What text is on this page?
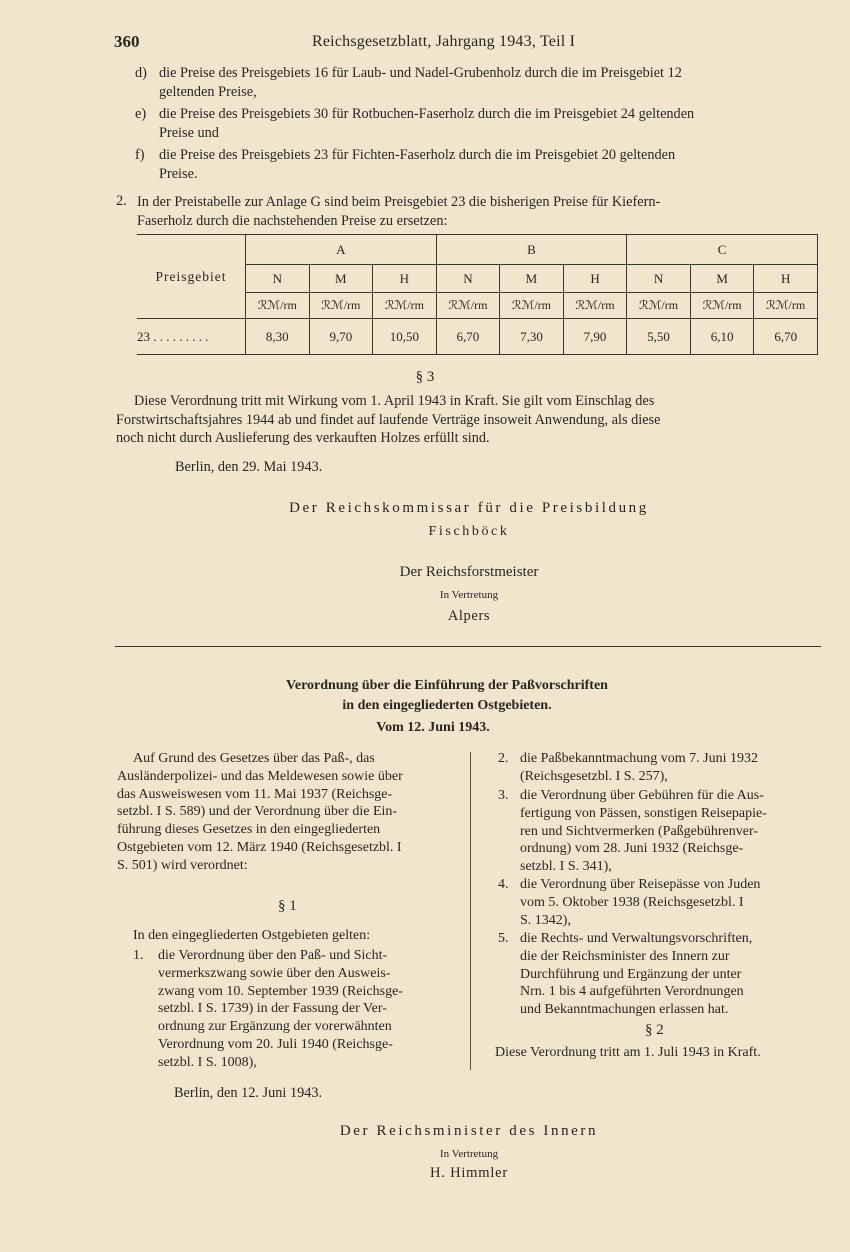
360	Reichsgesetzblatt, Jahrgang 1943, Teil I
d) die Preise des Preisgebiets 16 für Laub- und Nadel-Grubenholz durch die im Preisgebiet 12
geltenden Preise,
e) die Preise des Preisgebiets 30 für Rotbuchen-Faserholz durch die im Preisgebiet 24 geltenden
Preise und
f) die Preise des Preisgebiets 23 für Fichten-Faserholz durch die im Preisgebiet 20 geltenden
Preise.
2. In der Preistabelle zur Anlage G sind beim Preisgebiet 23 die bisherigen Preise für Kiefern-
Faserholz durch die nachstehenden Preise zu ersetzen:
Preisgebiet	A			B			C		
	N	M	H	N	M	H	N	M	H
	ℛℳ/rm	ℛℳ/rm	ℛℳ/rm	ℛℳ/rm	ℛℳ/rm	ℛℳ/rm	ℛℳ/rm	ℛℳ/rm	ℛℳ/rm
23 . . . . . . . . .	8,30	9,70	10,50	6,70	7,30	7,90	5,50	6,10	6,70
§ 3
Diese Verordnung tritt mit Wirkung vom 1. April 1943 in Kraft. Sie gilt vom Einschlag des
Forstwirtschaftsjahres 1944 ab und findet auf laufende Verträge insoweit Anwendung, als diese
noch nicht durch Auslieferung des verkauften Holzes erfüllt sind.
Berlin, den 29. Mai 1943.
Der Reichskommissar für die Preisbildung
Fischböck
Der Reichsforstmeister
In Vertretung
Alpers
Verordnung über die Einführung der Paßvorschriften
in den eingegliederten Ostgebieten.
Vom 12. Juni 1943.
Auf Grund des Gesetzes über das Paß-, das
Ausländerpolizei- und das Meldewesen sowie über
das Ausweiswesen vom 11. Mai 1937 (Reichsge-
setzbl. I S. 589) und der Verordnung über die Ein-
führung dieses Gesetzes in den eingegliederten
Ostgebieten vom 12. März 1940 (Reichsgesetzbl. I
S. 501) wird verordnet:
§ 1
In den eingegliederten Ostgebieten gelten:
1. die Verordnung über den Paß- und Sicht-
vermerkszwang sowie über den Ausweis-
zwang vom 10. September 1939 (Reichsge-
setzbl. I S. 1739) in der Fassung der Ver-
ordnung zur Ergänzung der vorerwähnten
Verordnung vom 20. Juli 1940 (Reichsge-
setzbl. I S. 1008),
2. die Paßbekanntmachung vom 7. Juni 1932
(Reichsgesetzbl. I S. 257),
3. die Verordnung über Gebühren für die Aus-
fertigung von Pässen, sonstigen Reisepapie-
ren und Sichtvermerken (Paßgebührenver-
ordnung) vom 28. Juni 1932 (Reichsge-
setzbl. I S. 341),
4. die Verordnung über Reisepässe von Juden
vom 5. Oktober 1938 (Reichsgesetzbl. I
S. 1342),
5. die Rechts- und Verwaltungsvorschriften,
die der Reichsminister des Innern zur
Durchführung und Ergänzung der unter
Nrn. 1 bis 4 aufgeführten Verordnungen
und Bekanntmachungen erlassen hat.
§ 2
Diese Verordnung tritt am 1. Juli 1943 in Kraft.
Berlin, den 12. Juni 1943.
Der Reichsminister des Innern
In Vertretung
H. Himmler
